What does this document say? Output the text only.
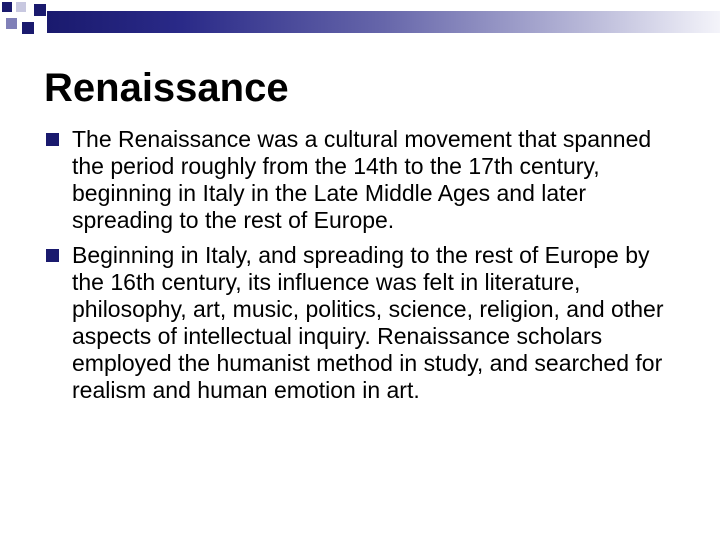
Renaissance
The Renaissance was a cultural movement that spanned the period roughly from the 14th to the 17th century, beginning in Italy in the Late Middle Ages and later spreading to the rest of Europe.
Beginning in Italy, and spreading to the rest of Europe by the 16th century, its influence was felt in literature, philosophy, art, music, politics, science, religion, and other aspects of intellectual inquiry. Renaissance scholars employed the humanist method in study, and searched for realism and human emotion in art.
